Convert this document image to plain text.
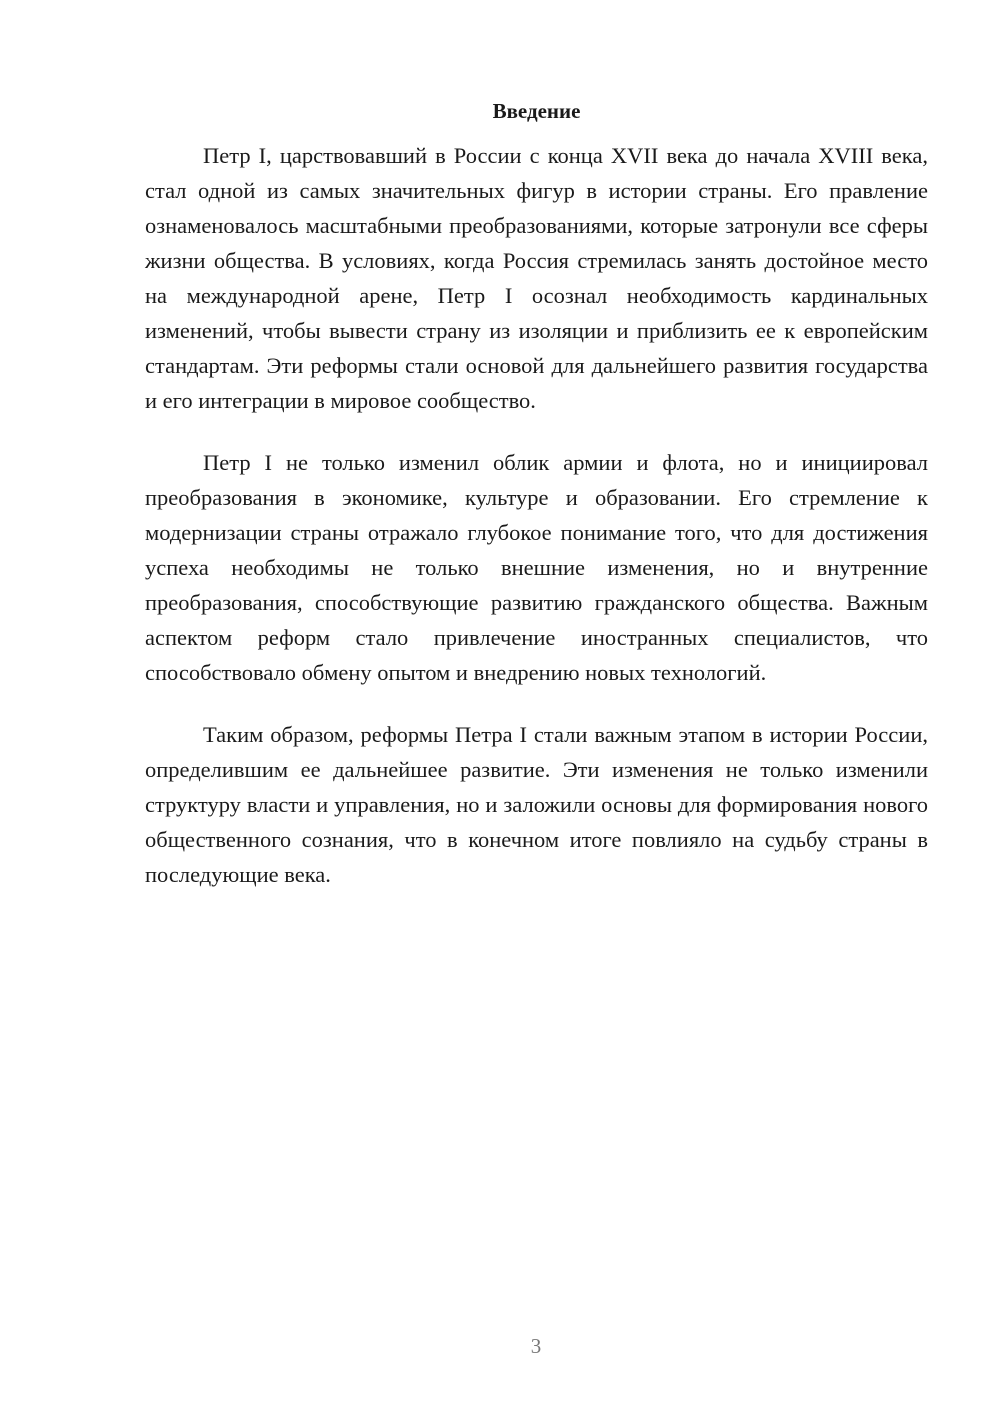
Введение

Петр I, царствовавший в России с конца XVII века до начала XVIII века, стал одной из самых значительных фигур в истории страны. Его правление ознаменовалось масштабными преобразованиями, которые затронули все сферы жизни общества. В условиях, когда Россия стремилась занять достойное место на международной арене, Петр I осознал необходимость кардинальных изменений, чтобы вывести страну из изоляции и приблизить ее к европейским стандартам. Эти реформы стали основой для дальнейшего развития государства и его интеграции в мировое сообщество.

Петр I не только изменил облик армии и флота, но и инициировал преобразования в экономике, культуре и образовании. Его стремление к модернизации страны отражало глубокое понимание того, что для достижения успеха необходимы не только внешние изменения, но и внутренние преобразования, способствующие развитию гражданского общества. Важным аспектом реформ стало привлечение иностранных специалистов, что способствовало обмену опытом и внедрению новых технологий.

Таким образом, реформы Петра I стали важным этапом в истории России, определившим ее дальнейшее развитие. Эти изменения не только изменили структуру власти и управления, но и заложили основы для формирования нового общественного сознания, что в конечном итоге повлияло на судьбу страны в последующие века.

3
